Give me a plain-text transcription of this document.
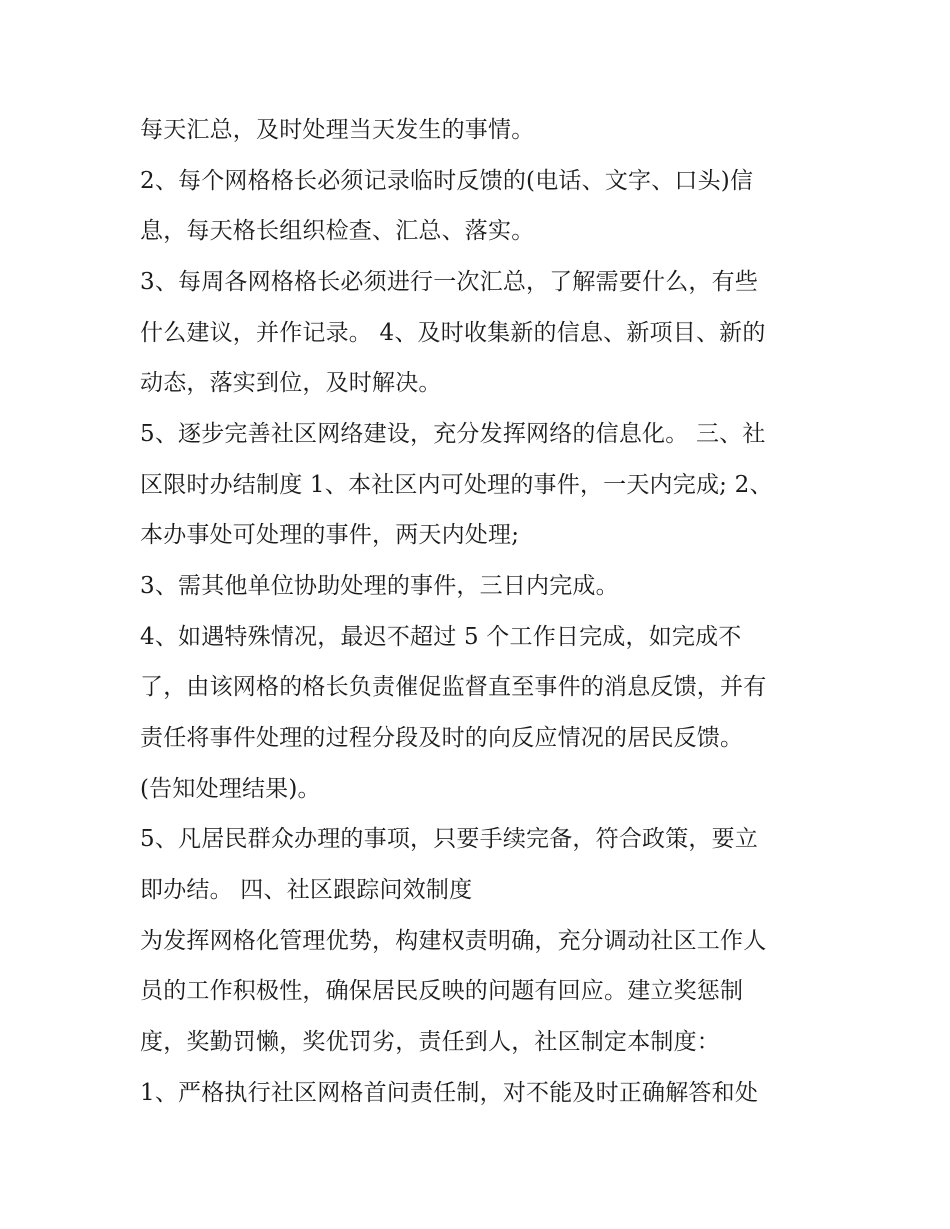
每天汇总，及时处理当天发生的事情。
2、每个网格格长必须记录临时反馈的(电话、文字、口头)信
息，每天格长组织检查、汇总、落实。
3、每周各网格格长必须进行一次汇总，了解需要什么，有些
什么建议，并作记录。 4、及时收集新的信息、新项目、新的
动态，落实到位，及时解决。
5、逐步完善社区网络建设，充分发挥网络的信息化。 三、社
区限时办结制度 1、本社区内可处理的事件，一天内完成; 2、
本办事处可处理的事件，两天内处理;
3、需其他单位协助处理的事件，三日内完成。
4、如遇特殊情况，最迟不超过 5 个工作日完成，如完成不
了，由该网格的格长负责催促监督直至事件的消息反馈，并有
责任将事件处理的过程分段及时的向反应情况的居民反馈。
(告知处理结果)。
5、凡居民群众办理的事项，只要手续完备，符合政策，要立
即办结。 四、社区跟踪问效制度
为发挥网格化管理优势，构建权责明确，充分调动社区工作人
员的工作积极性，确保居民反映的问题有回应。建立奖惩制
度，奖勤罚懒，奖优罚劣，责任到人，社区制定本制度：
1、严格执行社区网格首问责任制，对不能及时正确解答和处
